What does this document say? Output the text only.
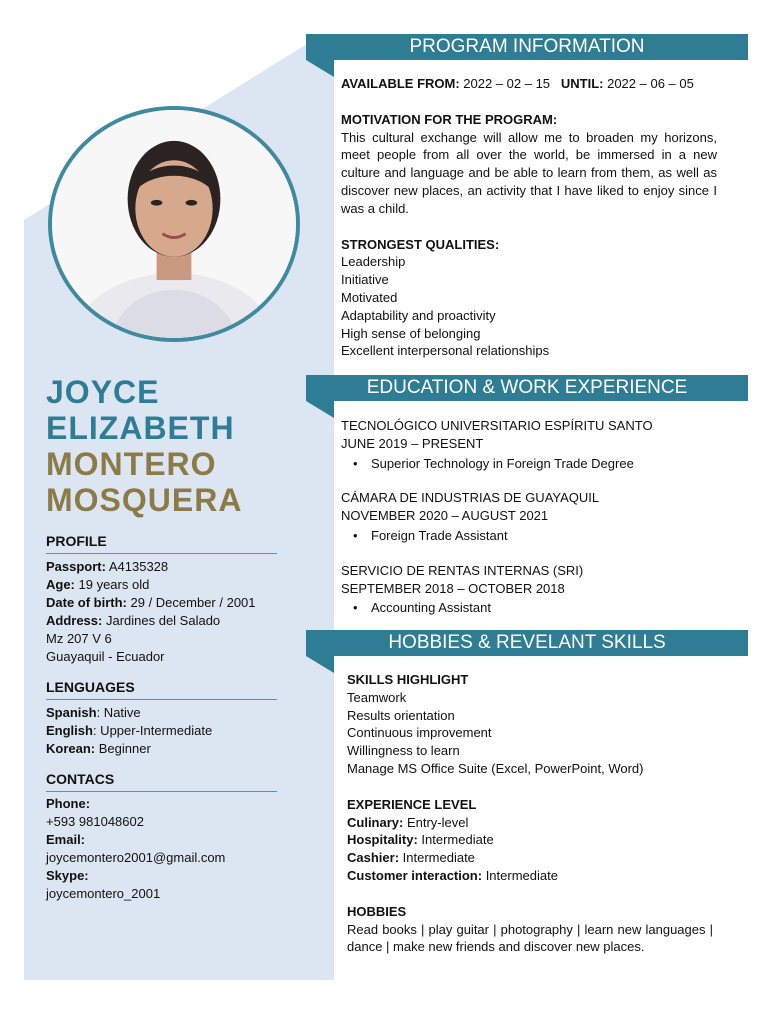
JOYCE
ELIZABETH
MONTERO
MOSQUERA
PROFILE
Passport: A4135328
Age: 19 years old
Date of birth: 29 / December / 2001
Address: Jardines del Salado
Mz 207 V 6
Guayaquil - Ecuador
LENGUAGES
Spanish: Native
English: Upper-Intermediate
Korean: Beginner
CONTACS
Phone:
+593 981048602
Email:
joycemontero2001@gmail.com
Skype:
joycemontero_2001
PROGRAM INFORMATION
AVAILABLE FROM: 2022 – 02 – 15 UNTIL: 2022 – 06 – 05
MOTIVATION FOR THE PROGRAM:
This cultural exchange will allow me to broaden my horizons, meet people from all over the world, be immersed in a new culture and language and be able to learn from them, as well as discover new places, an activity that I have liked to enjoy since I was a child.
STRONGEST QUALITIES:
Leadership
Initiative
Motivated
Adaptability and proactivity
High sense of belonging
Excellent interpersonal relationships
EDUCATION & WORK EXPERIENCE
TECNOLÓGICO UNIVERSITARIO ESPÍRITU SANTO
JUNE 2019 – PRESENT
• Superior Technology in Foreign Trade Degree
CÁMARA DE INDUSTRIAS DE GUAYAQUIL
NOVEMBER 2020 – AUGUST 2021
• Foreign Trade Assistant
SERVICIO DE RENTAS INTERNAS (SRI)
SEPTEMBER 2018 – OCTOBER 2018
• Accounting Assistant
HOBBIES & REVELANT SKILLS
SKILLS HIGHLIGHT
Teamwork
Results orientation
Continuous improvement
Willingness to learn
Manage MS Office Suite (Excel, PowerPoint, Word)
EXPERIENCE LEVEL
Culinary: Entry-level
Hospitality: Intermediate
Cashier: Intermediate
Customer interaction: Intermediate
HOBBIES
Read books | play guitar | photography | learn new languages | dance | make new friends and discover new places.
